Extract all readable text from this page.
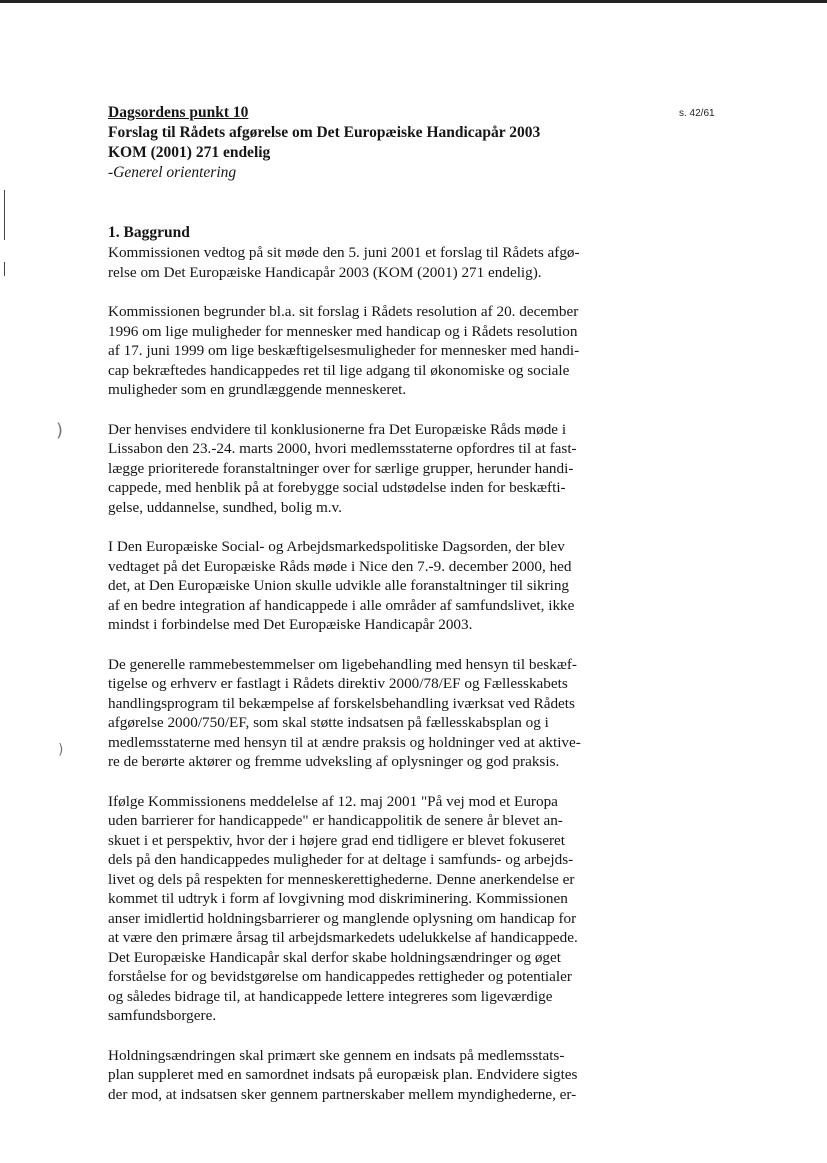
)
)
s. 42/61
Dagsordens punkt 10
Forslag til Rådets afgørelse om Det Europæiske Handicapår 2003
KOM (2001) 271 endelig
-Generel orientering
1. Baggrund
Kommissionen vedtog på sit møde den 5. juni 2001 et forslag til Rådets afgø-
relse om Det Europæiske Handicapår 2003 (KOM (2001) 271 endelig).
Kommissionen begrunder bl.a. sit forslag i Rådets resolution af 20. december
1996 om lige muligheder for mennesker med handicap og i Rådets resolution
af 17. juni 1999 om lige beskæftigelsesmuligheder for mennesker med handi-
cap bekræftedes handicappedes ret til lige adgang til økonomiske og sociale
muligheder som en grundlæggende menneskeret.
Der henvises endvidere til konklusionerne fra Det Europæiske Råds møde i
Lissabon den 23.-24. marts 2000, hvori medlemsstaterne opfordres til at fast-
lægge prioriterede foranstaltninger over for særlige grupper, herunder handi-
cappede, med henblik på at forebygge social udstødelse inden for beskæfti-
gelse, uddannelse, sundhed, bolig m.v.
I Den Europæiske Social- og Arbejdsmarkedspolitiske Dagsorden, der blev
vedtaget på det Europæiske Råds møde i Nice den 7.-9. december 2000, hed
det, at Den Europæiske Union skulle udvikle alle foranstaltninger til sikring
af en bedre integration af handicappede i alle områder af samfundslivet, ikke
mindst i forbindelse med Det Europæiske Handicapår 2003.
De generelle rammebestemmelser om ligebehandling med hensyn til beskæf-
tigelse og erhverv er fastlagt i Rådets direktiv 2000/78/EF og Fællesskabets
handlingsprogram til bekæmpelse af forskelsbehandling iværksat ved Rådets
afgørelse 2000/750/EF, som skal støtte indsatsen på fællesskabsplan og i
medlemsstaterne med hensyn til at ændre praksis og holdninger ved at aktive-
re de berørte aktører og fremme udveksling af oplysninger og god praksis.
Ifølge Kommissionens meddelelse af 12. maj 2001 "På vej mod et Europa
uden barrierer for handicappede" er handicappolitik de senere år blevet an-
skuet i et perspektiv, hvor der i højere grad end tidligere er blevet fokuseret
dels på den handicappedes muligheder for at deltage i samfunds- og arbejds-
livet og dels på respekten for menneskerettighederne. Denne anerkendelse er
kommet til udtryk i form af lovgivning mod diskriminering. Kommissionen
anser imidlertid holdningsbarrierer og manglende oplysning om handicap for
at være den primære årsag til arbejdsmarkedets udelukkelse af handicappede.
Det Europæiske Handicapår skal derfor skabe holdningsændringer og øget
forståelse for og bevidstgørelse om handicappedes rettigheder og potentialer
og således bidrage til, at handicappede lettere integreres som ligeværdige
samfundsborgere.
Holdningsændringen skal primært ske gennem en indsats på medlemsstats-
plan suppleret med en samordnet indsats på europæisk plan. Endvidere sigtes
der mod, at indsatsen sker gennem partnerskaber mellem myndighederne, er-
